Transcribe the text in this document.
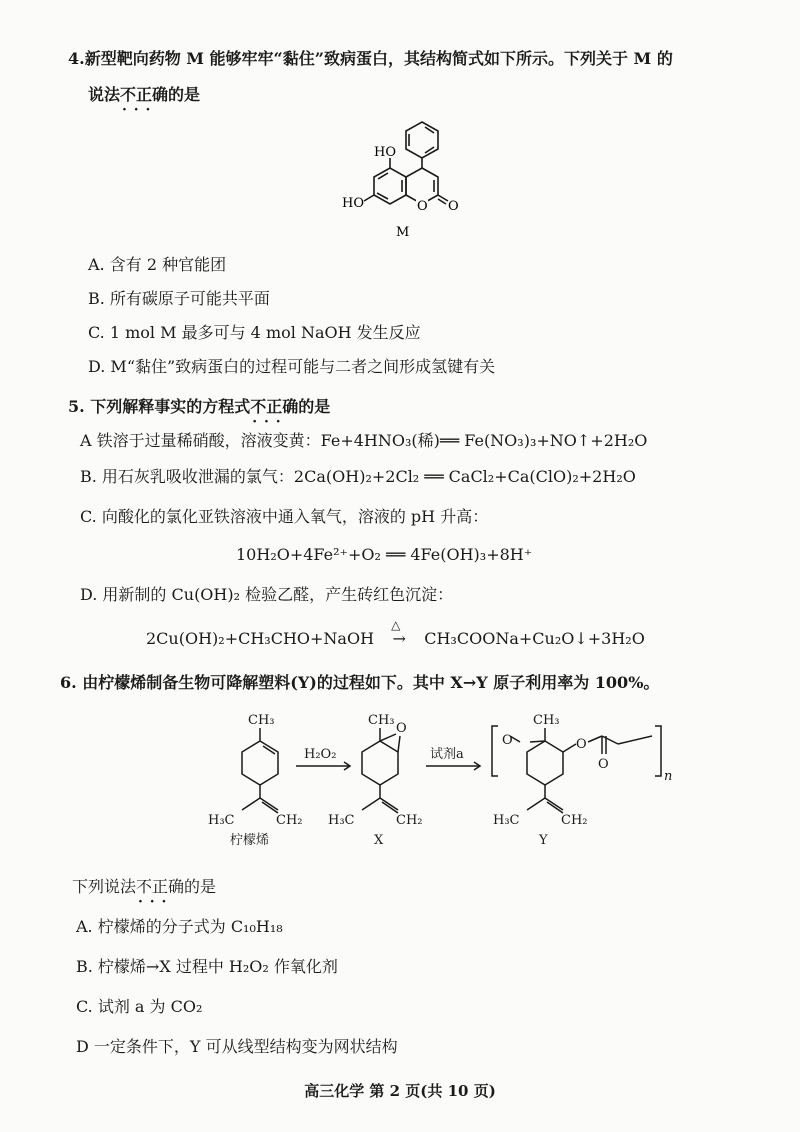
4.新型靶向药物 M 能够牢牢“黏住”致病蛋白，其结构简式如下所示。下列关于 M 的
说法不正确 · · ·的是
HO
HO	O O
M
A. 含有 2 种官能团
B. 所有碳原子可能共平面
C. 1 mol M 最多可与 4 mol NaOH 发生反应
D. M“黏住”致病蛋白的过程可能与二者之间形成氢键有关
5. 下列解释事实的方程式不正确 · · ·的是
A 铁溶于过量稀硝酸，溶液变黄：Fe+4HNO₃(稀)══ Fe(NO₃)₃+NO↑+2H₂O
B. 用石灰乳吸收泄漏的氯气：2Ca(OH)₂+2Cl₂ ══ CaCl₂+Ca(ClO)₂+2H₂O
C. 向酸化的氯化亚铁溶液中通入氧气，溶液的 pH 升高：
10H₂O+4Fe²⁺+O₂ ══ 4Fe(OH)₃+8H⁺
D. 用新制的 Cu(OH)₂ 检验乙醛，产生砖红色沉淀：
2Cu(OH)₂+CH₃CHO+NaOH
△
→ CH₃COONa+Cu₂O↓+3H₂O
6. 由柠檬烯制备生物可降解塑料(Y)的过程如下。其中 X→Y 原子利用率为 100%。
CH₃
H₃C	CH₂
柠檬烯
H₂O₂
CH₃
O
H₃C	CH₂
X
试剂a
O
CH₃
O
O
n
H₃C	CH₂
Y
下列说法不正确 · · ·的是
A. 柠檬烯的分子式为 C₁₀H₁₈
B. 柠檬烯→X 过程中 H₂O₂ 作氧化剂
C. 试剂 a 为 CO₂
D 一定条件下，Y 可从线型结构变为网状结构
高三化学 第 2 页(共 10 页)
